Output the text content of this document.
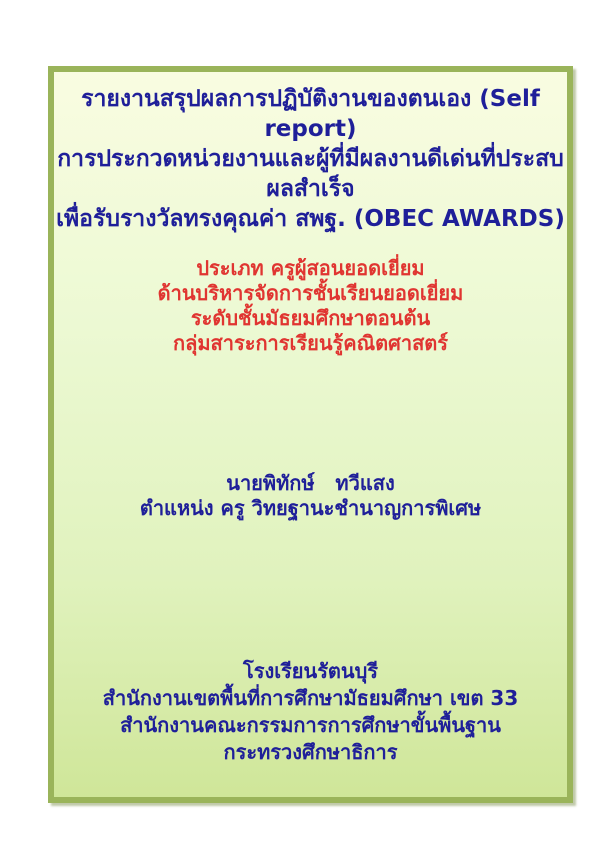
รายงานสรุปผลการปฏิบัติงานของตนเอง (Self report)
การประกวดหน่วยงานและผู้ที่มีผลงานดีเด่นที่ประสบผลสำเร็จ
เพื่อรับรางวัลทรงคุณค่า สพฐ. (OBEC AWARDS)
ประเภท ครูผู้สอนยอดเยี่ยม
ด้านบริหารจัดการชั้นเรียนยอดเยี่ยม
ระดับชั้นมัธยมศึกษาตอนต้น
กลุ่มสาระการเรียนรู้คณิตศาสตร์
นายพิทักษ์   ทวีแสง
ตำแหน่ง ครู วิทยฐานะชำนาญการพิเศษ
โรงเรียนรัตนบุรี
สำนักงานเขตพื้นที่การศึกษามัธยมศึกษา เขต 33
สำนักงานคณะกรรมการการศึกษาขั้นพื้นฐาน
กระทรวงศึกษาธิการ
